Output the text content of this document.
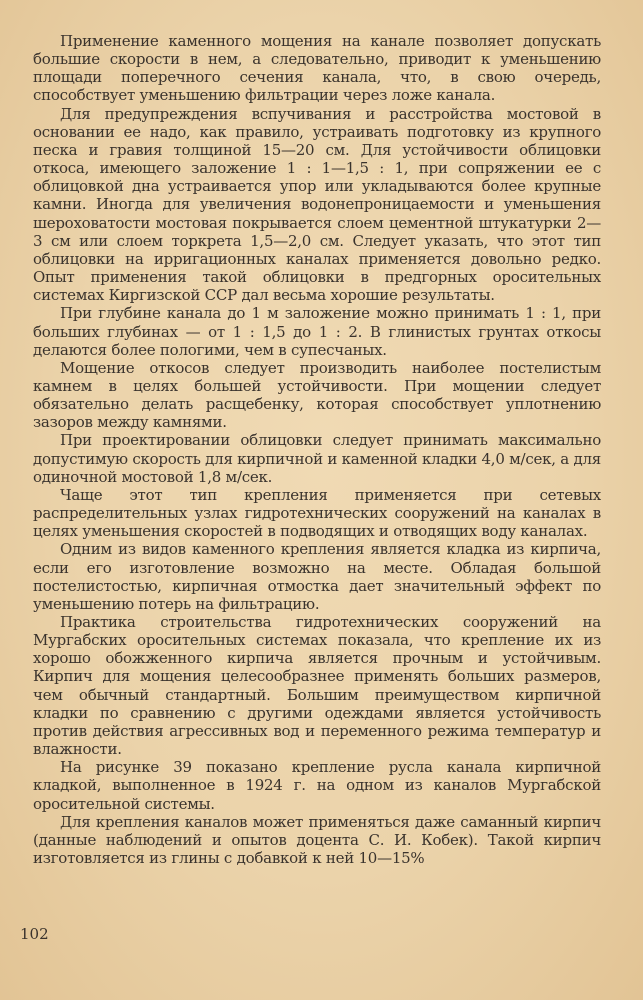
Применение каменного мощения на канале позволяет допускать большие скорости в нем, а следовательно, приводит к уменьшению площади поперечного сечения канала, что, в свою очередь, способствует уменьшению фильтрации через ложе канала.

Для предупреждения вспучивания и расстройства мостовой в основании ее надо, как правило, устраивать подготовку из крупного песка и гравия толщиной 15—20 см. Для устойчивости облицовки откоса, имеющего заложение 1 : 1—1,5 : 1, при сопряжении ее с облицовкой дна устраивается упор или укладываются более крупные камни. Иногда для увеличения водонепроницаемости и уменьшения шероховатости мостовая покрывается слоем цементной штукатурки 2—3 см или слоем торкрета 1,5—2,0 см. Следует указать, что этот тип облицовки на ирригационных каналах применяется довольно редко. Опыт применения такой облицовки в предгорных оросительных системах Киргизской ССР дал весьма хорошие результаты.

При глубине канала до 1 м заложение можно принимать 1 : 1, при больших глубинах — от 1 : 1,5 до 1 : 2. В глинистых грунтах откосы делаются более пологими, чем в супесчаных.

Мощение откосов следует производить наиболее постелистым камнем в целях большей устойчивости. При мощении следует обязательно делать расщебенку, которая способствует уплотнению зазоров между камнями.

При проектировании облицовки следует принимать максимально допустимую скорость для кирпичной и каменной кладки 4,0 м/сек, а для одиночной мостовой 1,8 м/сек.

Чаще этот тип крепления применяется при сетевых распределительных узлах гидротехнических сооружений на каналах в целях уменьшения скоростей в подводящих и отводящих воду каналах.

Одним из видов каменного крепления является кладка из кирпича, если его изготовление возможно на месте. Обладая большой постелистостью, кирпичная отмостка дает значительный эффект по уменьшению потерь на фильтрацию.

Практика строительства гидротехнических сооружений на Мургабских оросительных системах показала, что крепление их из хорошо обожженного кирпича является прочным и устойчивым. Кирпич для мощения целесообразнее применять больших размеров, чем обычный стандартный. Большим преимуществом кирпичной кладки по сравнению с другими одеждами является устойчивость против действия агрессивных вод и переменного режима температур и влажности.

На рисунке 39 показано крепление русла канала кирпичной кладкой, выполненное в 1924 г. на одном из каналов Мургабской оросительной системы.

Для крепления каналов может применяться даже саманный кирпич (данные наблюдений и опытов доцента С. И. Кобек). Такой кирпич изготовляется из глины с добавкой к ней 10—15%

102
